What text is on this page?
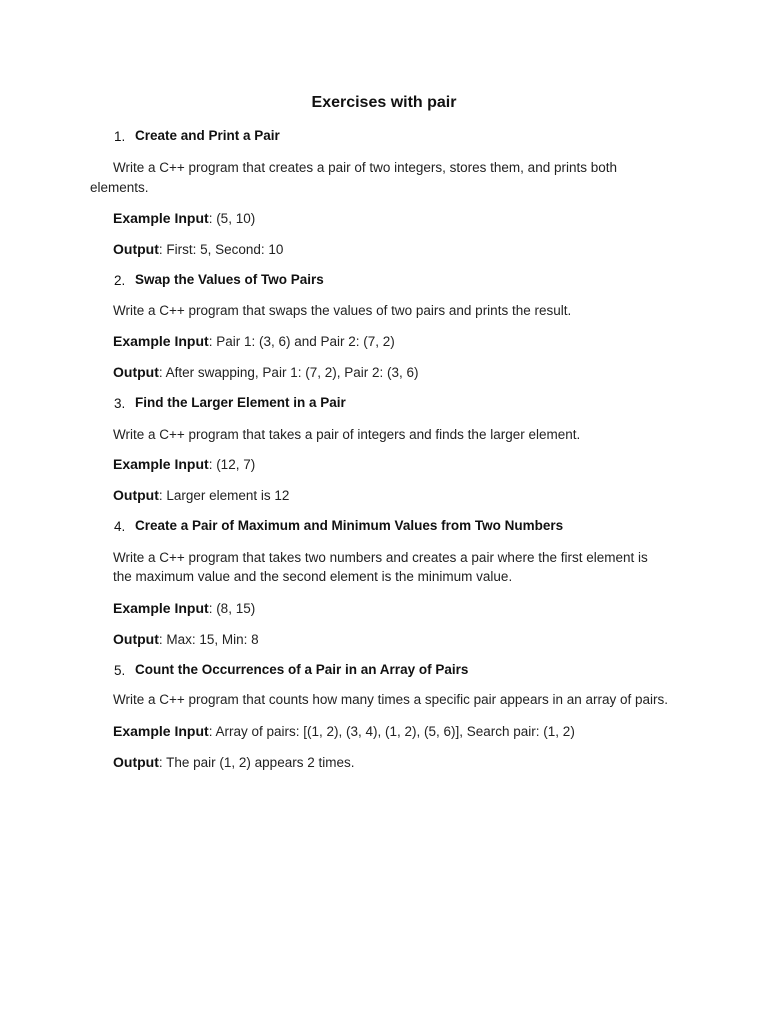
Exercises with pair
1. Create and Print a Pair
Write a C++ program that creates a pair of two integers, stores them, and prints both
elements.
Example Input: (5, 10)
Output: First: 5, Second: 10
2. Swap the Values of Two Pairs
Write a C++ program that swaps the values of two pairs and prints the result.
Example Input: Pair 1: (3, 6) and Pair 2: (7, 2)
Output: After swapping, Pair 1: (7, 2), Pair 2: (3, 6)
3. Find the Larger Element in a Pair
Write a C++ program that takes a pair of integers and finds the larger element.
Example Input: (12, 7)
Output: Larger element is 12
4. Create a Pair of Maximum and Minimum Values from Two Numbers
Write a C++ program that takes two numbers and creates a pair where the first element is
the maximum value and the second element is the minimum value.
Example Input: (8, 15)
Output: Max: 15, Min: 8
5. Count the Occurrences of a Pair in an Array of Pairs
Write a C++ program that counts how many times a specific pair appears in an array of pairs.
Example Input: Array of pairs: [(1, 2), (3, 4), (1, 2), (5, 6)], Search pair: (1, 2)
Output: The pair (1, 2) appears 2 times.
